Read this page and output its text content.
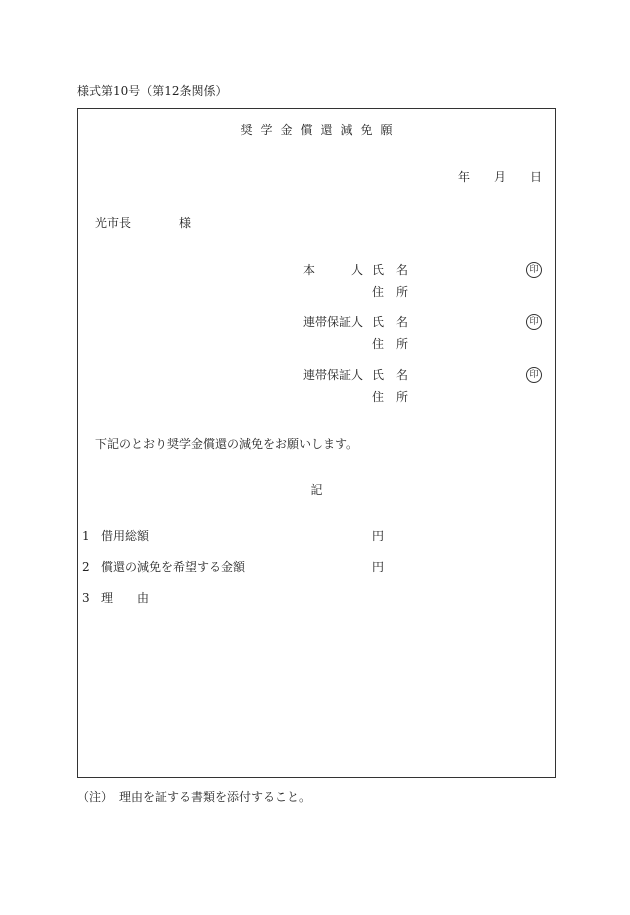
様式第10号（第12条関係）
奨学金償還減免願
年　　月　　日
光市長　　　　様
本　　　人 氏　名	印
住　所
連帯保証人 氏　名	印
住　所
連帯保証人 氏　名	印
住　所
下記のとおり奨学金償還の減免をお願いします。
記
1 借用総額	円
2 償還の減免を希望する金額	円
3 理　　由
（注）　理由を証する書類を添付すること。
